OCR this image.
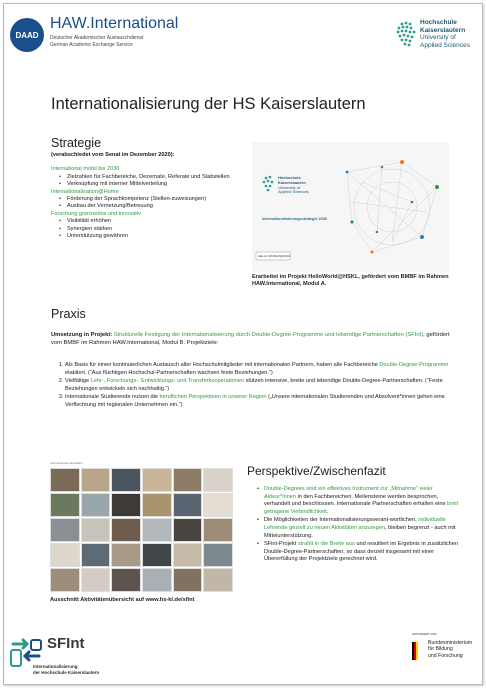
DAAD
HAW.International
Deutscher Akademischer Austauschdienst
German Academic Exchange Service
Hochschule
Kaiserslautern
University of
Applied Sciences
Internationalisierung der HS Kaiserslautern
Strategie
(verabschiedet vom Senat im Dezember 2020):
International mobil bis 2030
• Zielzahlen für Fachbereiche, Dezernate, Referate und Stabstellen
• Verknüpfung mit interner Mittelverteilung
Internationalisation@Home
• Förderung der Sprachkompetenz (Stellen-zuweisungen)
• Ausbau der Vernetzung/Betreuung
Forschung grenzenlos und innovativ
• Visibilität erhöhen
• Synergien stärken
• Unterstützung gewähren
Hochschule
Kaiserslautern
University of
Applied Sciences
Internationalisierungsstrategie 2030
HELLO WORLD@HSKL
Erarbeitet im Projekt HelloWorld@HSKL, gefördert vom BMBF im Rahmen HAW.International, Modul A.
Praxis
Umsetzung in Projekt: Strukturelle Festigung der Internationalisierung durch Double-Degree-Programme und lebendige Partnerschaften (SFInt), gefördert vom BMBF im Rahmen HAW.International, Modul B. Projektziele:
1. Als Basis für einen kontinuierlichen Austausch aller Hochschulmitglieder mit internationalen Partnern, haben alle Fachbereiche Double-Degree-Programme etabliert. (“Aus flüchtigen Hochschul-Partnerschaften wachsen feste Beziehungen.“)
2. Vielfältige Lehr-, Forschungs-, Entwicklungs- und Transferkooperationen stützen intensive, breite und lebendige Double-Degree-Partnerschaften. (“Feste Beziehungen entwickeln sich nachhaltig.“)
3. Internationale Studierende nutzen die beruflichen Perspektiven in unserer Region („Unsere internationalen Studierenden und Absolvent*innen gehen eine Verflechtung mit regionalen Unternehmen ein.“)
Internationale Aktivitäten
Ausschnitt Aktivitätenübersicht auf www.hs-kl.de/sfint
Perspektive/Zwischenfazit
• Double-Degrees sind ein effektives Instrument zur „Mitnahme“ vieler Akteur*innen in den Fachbereichen. Meilensteine werden besprochen, verhandelt und beschlossen. Internationale Partnerschaften erhalten eine breit getragene Verbindlichkeit.
• Die Möglichkeiten der Internationalisierungsverant-wortlichen, individuelle Lehrende gezielt zu neuen Aktivitäten anzuregen, bleiben begrenzt - auch mit Mitteiunterstützung.
• SFint-Projekt strahlt in die Breite aus und resultiert im Ergebnis in zusätzlichen Double-Degree-Partnerschaften, so dass derzeit insgesamt mit einer Übererfüllung der Projektziele gerechnet wird.
SFInt
Internationalisierung
der Hochschule Kaiserslautern
GEFÖRDERT VOM
Bundesministerium
für Bildung
und Forschung
